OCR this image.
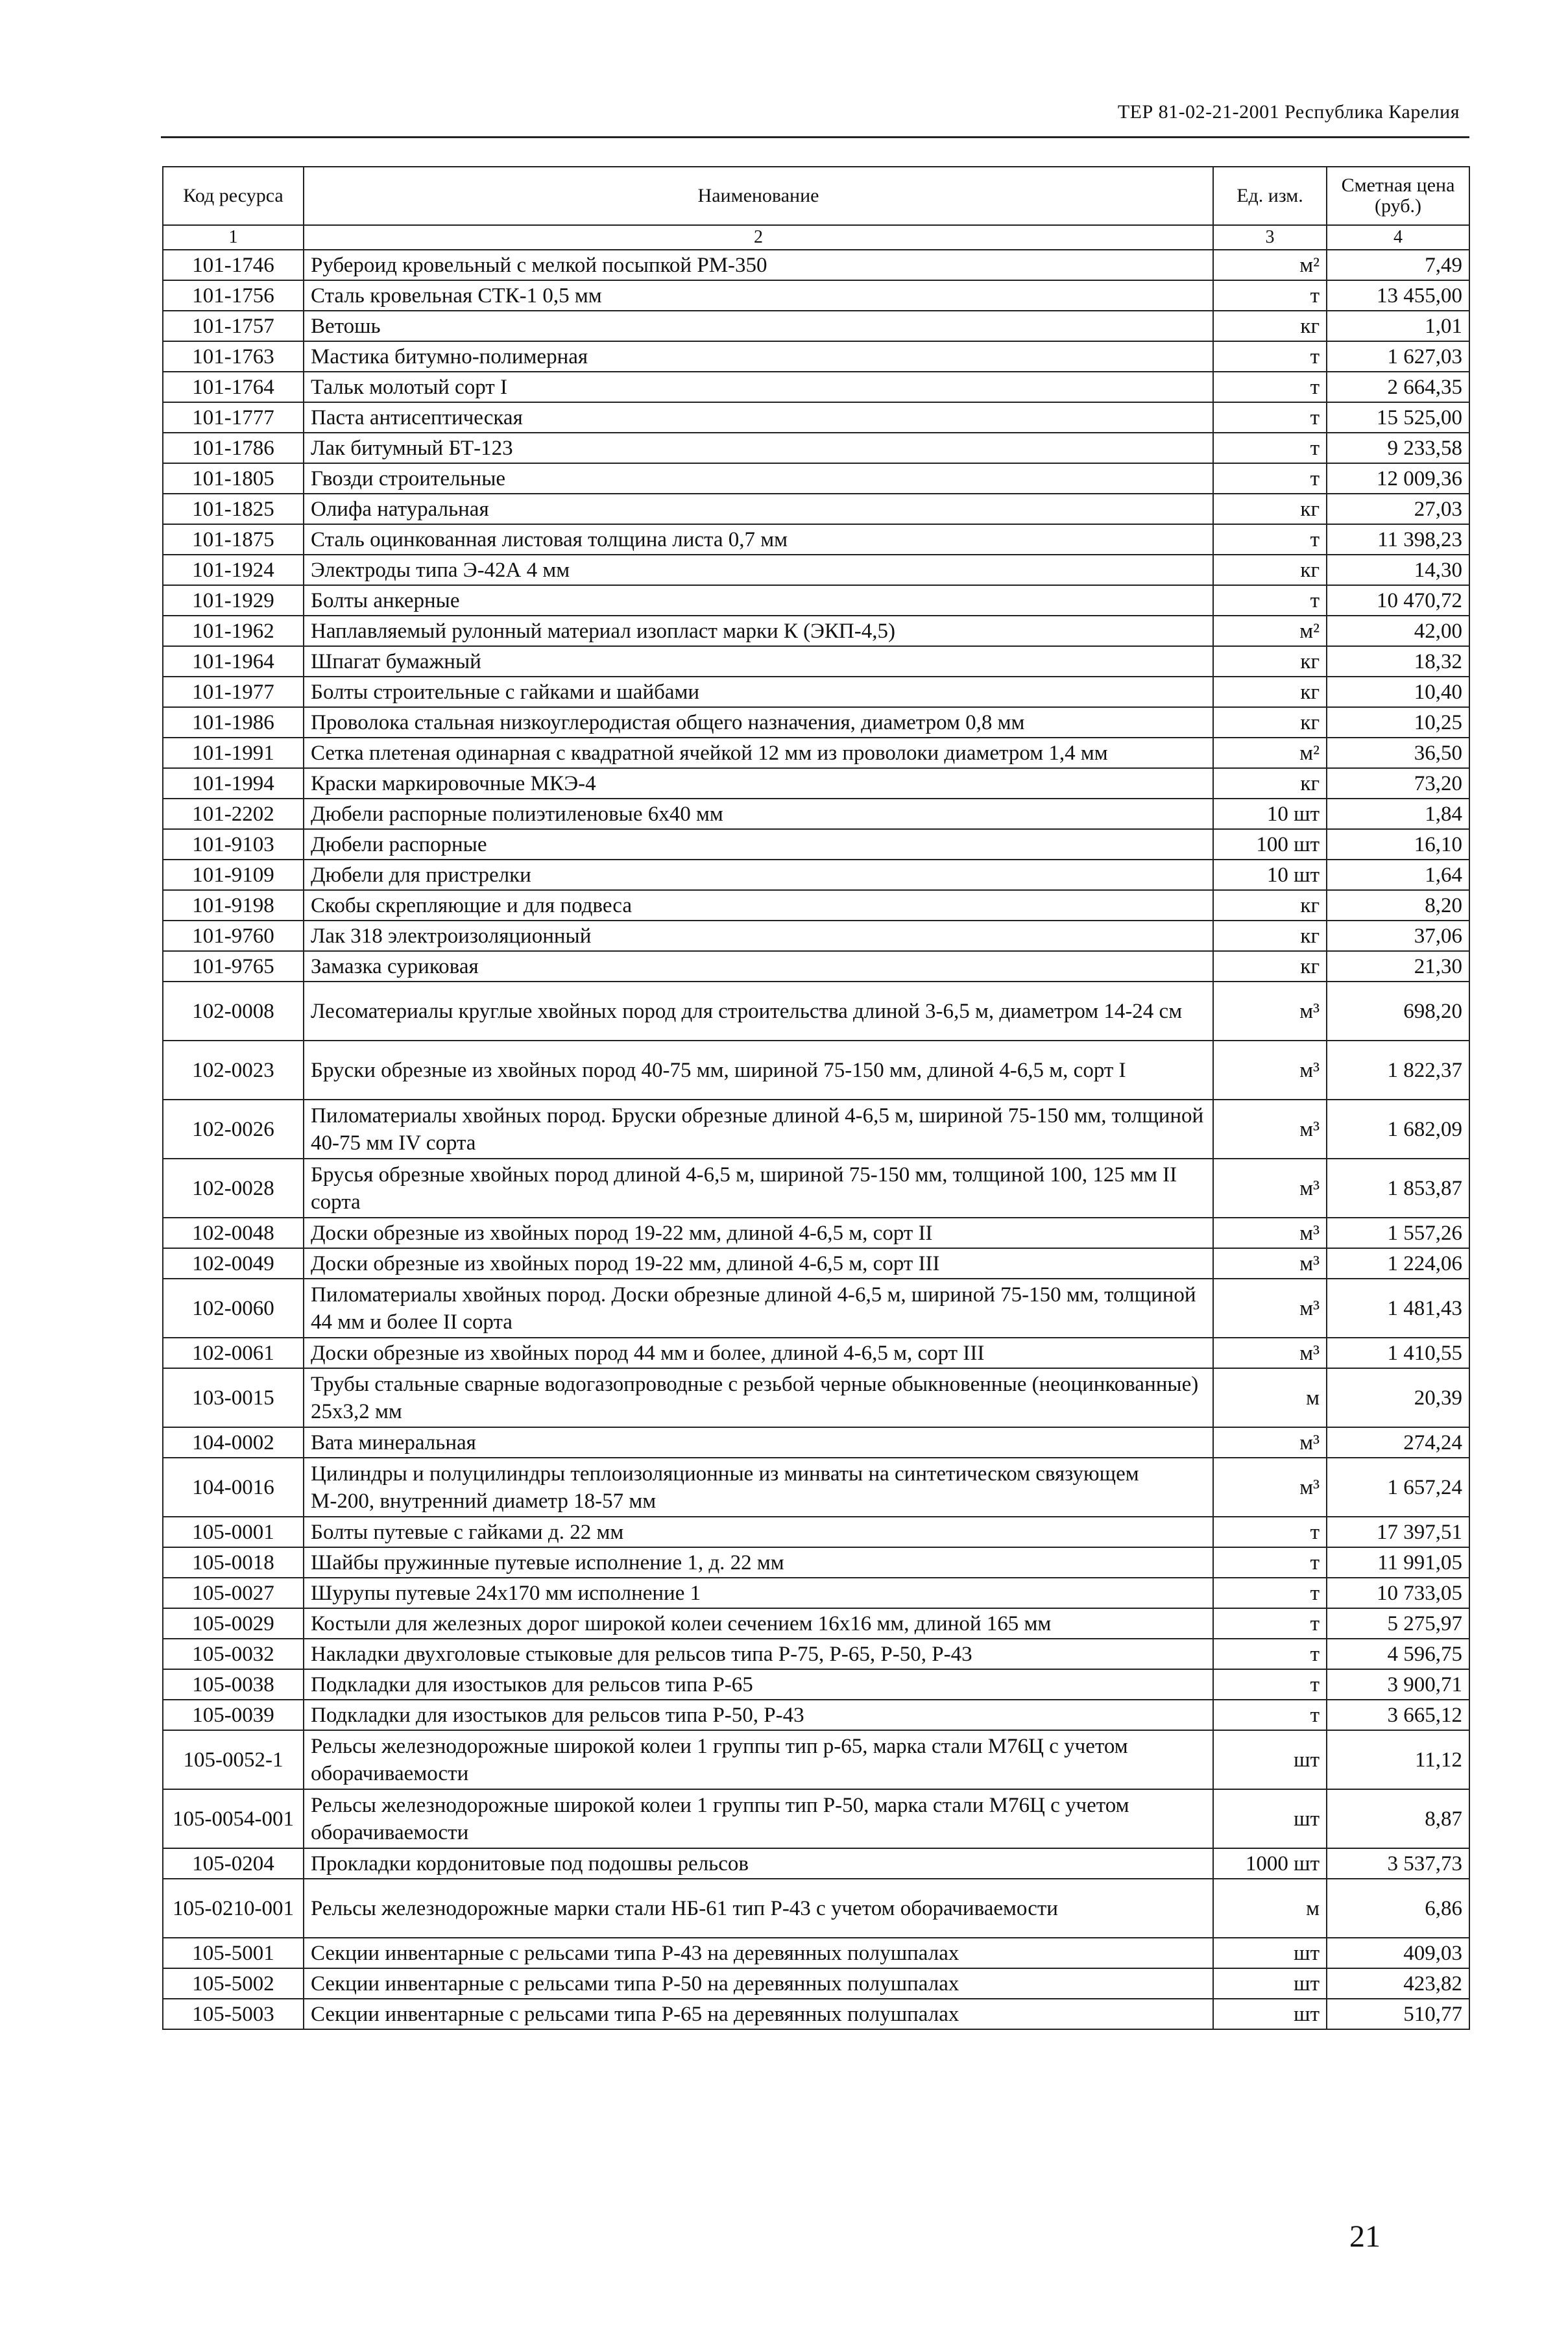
ТЕР 81-02-21-2001 Республика Карелия
Код ресурса	Наименование	Ед. изм.	Сметная цена (руб.)
1	2	3	4
101-1746	Рубероид кровельный с мелкой посыпкой РМ-350	м²	7,49
101-1756	Сталь кровельная СТК-1 0,5 мм	т	13 455,00
101-1757	Ветошь	кг	1,01
101-1763	Мастика битумно-полимерная	т	1 627,03
101-1764	Тальк молотый сорт I	т	2 664,35
101-1777	Паста антисептическая	т	15 525,00
101-1786	Лак битумный БТ-123	т	9 233,58
101-1805	Гвозди строительные	т	12 009,36
101-1825	Олифа натуральная	кг	27,03
101-1875	Сталь оцинкованная листовая толщина листа 0,7 мм	т	11 398,23
101-1924	Электроды типа Э-42А 4 мм	кг	14,30
101-1929	Болты анкерные	т	10 470,72
101-1962	Наплавляемый рулонный материал изопласт марки К (ЭКП-4,5)	м²	42,00
101-1964	Шпагат бумажный	кг	18,32
101-1977	Болты строительные с гайками и шайбами	кг	10,40
101-1986	Проволока стальная низкоуглеродистая общего назначения, диаметром 0,8 мм	кг	10,25
101-1991	Сетка плетеная одинарная с квадратной ячейкой 12 мм из проволоки диаметром 1,4 мм	м²	36,50
101-1994	Краски маркировочные МКЭ-4	кг	73,20
101-2202	Дюбели распорные полиэтиленовые 6х40 мм	10 шт	1,84
101-9103	Дюбели распорные	100 шт	16,10
101-9109	Дюбели для пристрелки	10 шт	1,64
101-9198	Скобы скрепляющие и для подвеса	кг	8,20
101-9760	Лак 318 электроизоляционный	кг	37,06
101-9765	Замазка суриковая	кг	21,30
102-0008	Лесоматериалы круглые хвойных пород для строительства длиной 3-6,5 м, диаметром 14-24 см	м³	698,20
102-0023	Бруски обрезные из хвойных пород 40-75 мм, шириной 75-150 мм, длиной 4-6,5 м, сорт I	м³	1 822,37
102-0026	Пиломатериалы хвойных пород. Бруски обрезные длиной 4-6,5 м, шириной 75-150 мм, толщиной 40-75 мм IV сорта	м³	1 682,09
102-0028	Брусья обрезные хвойных пород длиной 4-6,5 м, шириной 75-150 мм, толщиной 100, 125 мм II сорта	м³	1 853,87
102-0048	Доски обрезные из хвойных пород 19-22 мм, длиной 4-6,5 м, сорт II	м³	1 557,26
102-0049	Доски обрезные из хвойных пород 19-22 мм, длиной 4-6,5 м, сорт III	м³	1 224,06
102-0060	Пиломатериалы хвойных пород. Доски обрезные длиной 4-6,5 м, шириной 75-150 мм, толщиной 44 мм и более II сорта	м³	1 481,43
102-0061	Доски обрезные из хвойных пород 44 мм и более, длиной 4-6,5 м, сорт III	м³	1 410,55
103-0015	Трубы стальные сварные водогазопроводные с резьбой черные обыкновенные (неоцинкованные) 25х3,2 мм	м	20,39
104-0002	Вата минеральная	м³	274,24
104-0016	Цилиндры и полуцилиндры теплоизоляционные из минваты на синтетическом связующем М-200, внутренний диаметр 18-57 мм	м³	1 657,24
105-0001	Болты путевые с гайками д. 22 мм	т	17 397,51
105-0018	Шайбы пружинные путевые исполнение 1, д. 22 мм	т	11 991,05
105-0027	Шурупы путевые 24х170 мм исполнение 1	т	10 733,05
105-0029	Костыли для железных дорог широкой колеи сечением 16х16 мм, длиной 165 мм	т	5 275,97
105-0032	Накладки двухголовые стыковые для рельсов типа Р-75, Р-65, Р-50, Р-43	т	4 596,75
105-0038	Подкладки для изостыков для рельсов типа Р-65	т	3 900,71
105-0039	Подкладки для изостыков для рельсов типа Р-50, Р-43	т	3 665,12
105-0052-1	Рельсы железнодорожные широкой колеи 1 группы тип р-65, марка стали М76Ц с учетом оборачиваемости	шт	11,12
105-0054-001	Рельсы железнодорожные широкой колеи 1 группы тип Р-50, марка стали М76Ц с учетом оборачиваемости	шт	8,87
105-0204	Прокладки кордонитовые под подошвы рельсов	1000 шт	3 537,73
105-0210-001	Рельсы железнодорожные марки стали НБ-61 тип Р-43 с учетом оборачиваемости	м	6,86
105-5001	Секции инвентарные с рельсами типа Р-43 на деревянных полушпалах	шт	409,03
105-5002	Секции инвентарные с рельсами типа Р-50 на деревянных полушпалах	шт	423,82
105-5003	Секции инвентарные с рельсами типа Р-65 на деревянных полушпалах	шт	510,77
21
